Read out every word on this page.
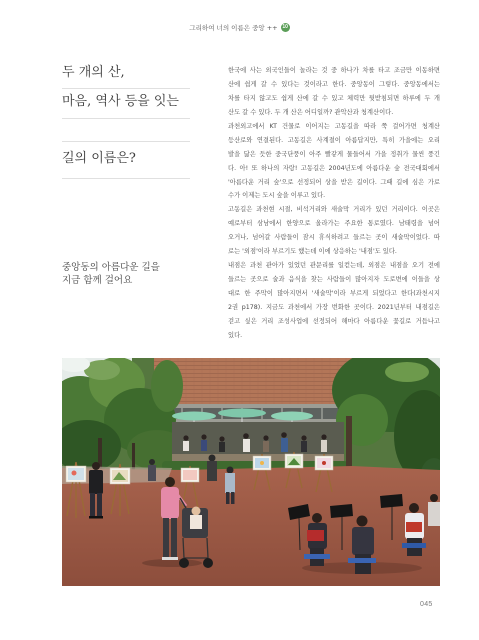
그리하여 너의 이름은 중앙 ++ 10
두 개의 산,
마음, 역사 등을 잇는
길의 이름은?
중앙동의 아름다운 길을
지금 함께 걸어요
한국에 사는 외국인들이 놀라는 것 중 하나가 차를 타고 조금만 이동하면
산에 쉽게 갈 수 있다는 것이라고 한다. 중앙동이 그렇다. 중앙동에서는
차를 타지 않고도 쉽게 산에 갈 수 있고 체력만 뒷받침되면 하루에 두 개
산도 갈 수 있다. 두 개 산은 어디일까? 관악산과 청계산이다.
과천외고에서 KT 건물로 이어지는 고동길을 따라 쭉 걸어가면 청계산
등산로와 연결된다. 고동길은 사계절이 아름답지만, 특히 가을에는 오리
발을 닮은 듯한 중국단풍이 아주 빨갛게 물들어서 가을 정취가 물씬 풍긴
다. 아! 또 하나의 자랑! 고동길은 2004년도에 아름다운 숲 전국대회에서
'아름다운 거리 숲'으로 선정되어 상을 받은 길이다. 그때 길에 심은 가로
수가 이제는 도시 숲을 이루고 있다.
고동길은 과천현 시절, 비석거리와 새술막 거리가 있던 거리이다. 이곳은
예로부터 삼남에서 한양으로 올라가는 주요한 통로였다. 남태령을 넘어
오거나, 넘어갈 사람들이 잠시 휴식하려고 들르는 곳이 새술막이었다. 따
로는 '외점'이라 부르기도 했는데 이에 상응하는 '내점'도 있다.
내점은 과천 관아가 있었던 관문리를 일컫는데, 외점은 내점을 오기 전에
들르는 곳으로 술과 음식을 찾는 사람들이 많아지자 도로변에 이들을 상
대로 한 주막이 많아지면서 '새술막'이라 부르게 되었다고 한다(과천시지
2권 p178). 지금도 과천에서 가장 번화한 곳이다. 2021년부터 내점길은
걷고 싶은 거리 조성사업에 선정되어 해마다 아름다운 꽃길로 거듭나고
있다.
045
